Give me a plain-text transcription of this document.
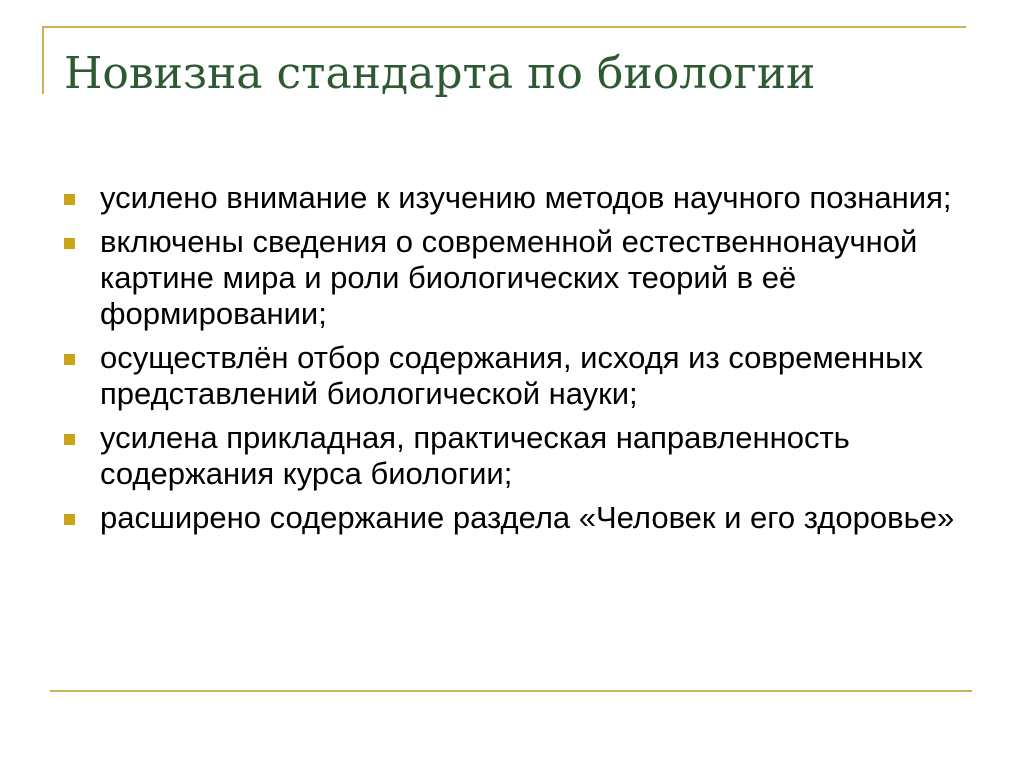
Новизна стандарта по биологии
усилено внимание к изучению методов научного познания;
включены сведения о современной естественнонаучной картине мира и роли биологических теорий в её формировании;
осуществлён отбор содержания, исходя из современных представлений биологической науки;
усилена прикладная, практическая направленность содержания курса биологии;
расширено содержание раздела «Человек и его здоровье»
